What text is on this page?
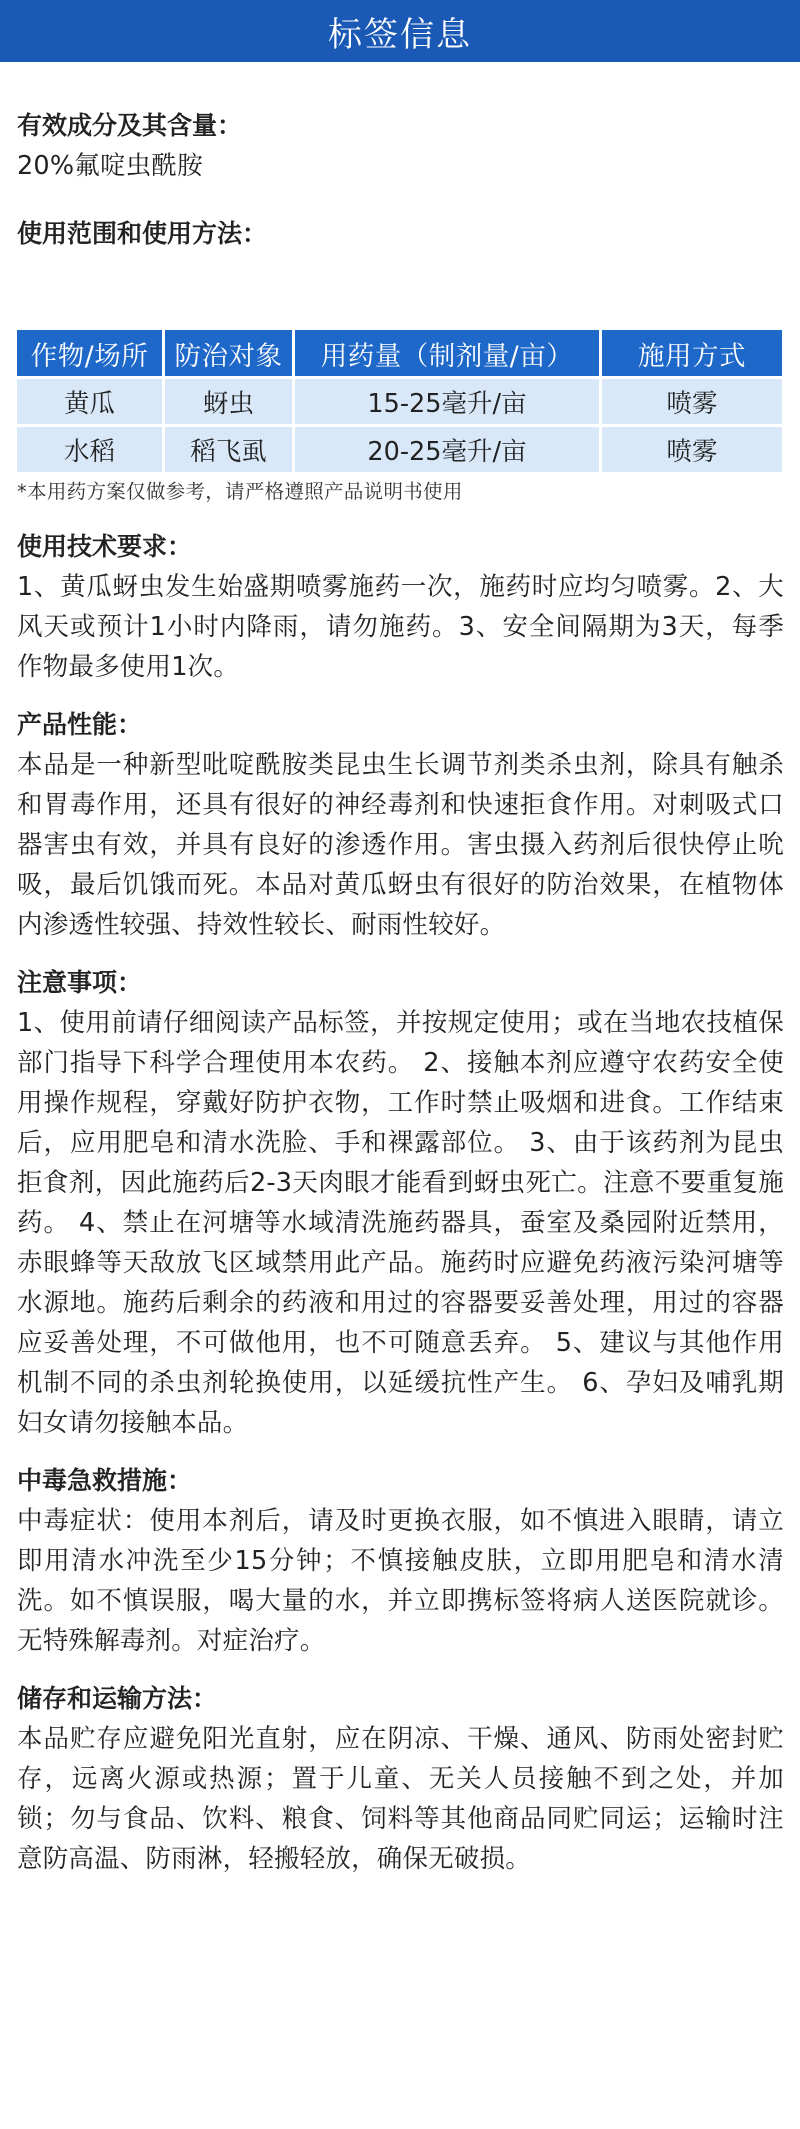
标签信息

有效成分及其含量：

20%氟啶虫酰胺

使用范围和使用方法：

作物/场所	防治对象	用药量（制剂量/亩）	施用方式
黄瓜	蚜虫	15-25毫升/亩	喷雾
水稻	稻飞虱	20-25毫升/亩	喷雾
*本用药方案仅做参考，请严格遵照产品说明书使用

使用技术要求：

1、黄瓜蚜虫发生始盛期喷雾施药一次，施药时应均匀喷雾。2、大风天或预计1小时内降雨，请勿施药。3、安全间隔期为3天，每季作物最多使用1次。

产品性能：

本品是一种新型吡啶酰胺类昆虫生长调节剂类杀虫剂，除具有触杀和胃毒作用，还具有很好的神经毒剂和快速拒食作用。对刺吸式口器害虫有效，并具有良好的渗透作用。害虫摄入药剂后很快停止吮吸，最后饥饿而死。本品对黄瓜蚜虫有很好的防治效果，在植物体内渗透性较强、持效性较长、耐雨性较好。

注意事项：

1、使用前请仔细阅读产品标签，并按规定使用；或在当地农技植保部门指导下科学合理使用本农药。 2、接触本剂应遵守农药安全使用操作规程，穿戴好防护衣物，工作时禁止吸烟和进食。工作结束后，应用肥皂和清水洗脸、手和裸露部位。 3、由于该药剂为昆虫拒食剂，因此施药后2-3天肉眼才能看到蚜虫死亡。注意不要重复施药。 4、禁止在河塘等水域清洗施药器具，蚕室及桑园附近禁用，赤眼蜂等天敌放飞区域禁用此产品。施药时应避免药液污染河塘等水源地。施药后剩余的药液和用过的容器要妥善处理，用过的容器应妥善处理，不可做他用，也不可随意丢弃。 5、建议与其他作用机制不同的杀虫剂轮换使用，以延缓抗性产生。 6、孕妇及哺乳期妇女请勿接触本品。

中毒急救措施：

中毒症状：使用本剂后，请及时更换衣服，如不慎进入眼睛，请立即用清水冲洗至少15分钟；不慎接触皮肤，立即用肥皂和清水清洗。如不慎误服，喝大量的水，并立即携标签将病人送医院就诊。无特殊解毒剂。对症治疗。

储存和运输方法：

本品贮存应避免阳光直射，应在阴凉、干燥、通风、防雨处密封贮存，远离火源或热源；置于儿童、无关人员接触不到之处，并加锁；勿与食品、饮料、粮食、饲料等其他商品同贮同运；运输时注意防高温、防雨淋，轻搬轻放，确保无破损。
